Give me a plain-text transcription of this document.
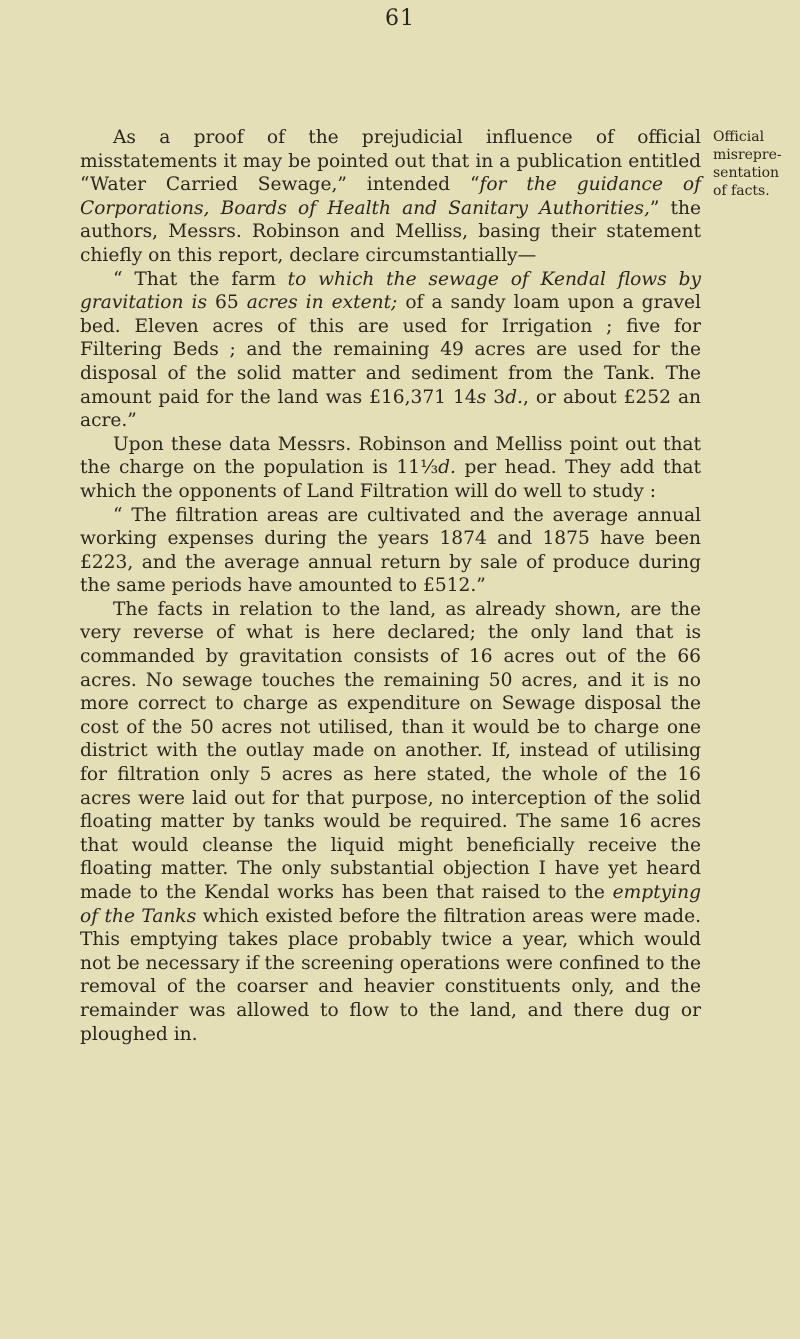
61
Official
misrepre-
sentation
of facts.

As a proof of the prejudicial influence of official misstatements it may be pointed out that in a publication entitled “Water Carried Sewage,” intended “for the guidance of Corporations, Boards of Health and Sanitary Authorities,” the authors, Messrs. Robinson and Melliss, basing their statement chiefly on this report, declare circumstantially—

“ That the farm to which the sewage of Kendal flows by gravitation is 65 acres in extent; of a sandy loam upon a gravel bed. Eleven acres of this are used for Irrigation ; five for Filtering Beds ; and the remaining 49 acres are used for the disposal of the solid matter and sediment from the Tank. The amount paid for the land was £16,371 14s 3d., or about £252 an acre.”

Upon these data Messrs. Robinson and Melliss point out that the charge on the population is 11⅓d. per head. They add that which the opponents of Land Filtration will do well to study :

“ The filtration areas are cultivated and the average annual working expenses during the years 1874 and 1875 have been £223, and the average annual return by sale of produce during the same periods have amounted to £512.”

The facts in relation to the land, as already shown, are the very reverse of what is here declared; the only land that is commanded by gravitation consists of 16 acres out of the 66 acres. No sewage touches the remaining 50 acres, and it is no more correct to charge as expenditure on Sewage disposal the cost of the 50 acres not utilised, than it would be to charge one district with the outlay made on another. If, instead of utilising for filtration only 5 acres as here stated, the whole of the 16 acres were laid out for that purpose, no interception of the solid floating matter by tanks would be required. The same 16 acres that would cleanse the liquid might beneficially receive the floating matter. The only substantial objection I have yet heard made to the Kendal works has been that raised to the emptying of the Tanks which existed before the filtration areas were made. This emptying takes place probably twice a year, which would not be necessary if the screening operations were confined to the removal of the coarser and heavier constituents only, and the remainder was allowed to flow to the land, and there dug or ploughed in.
